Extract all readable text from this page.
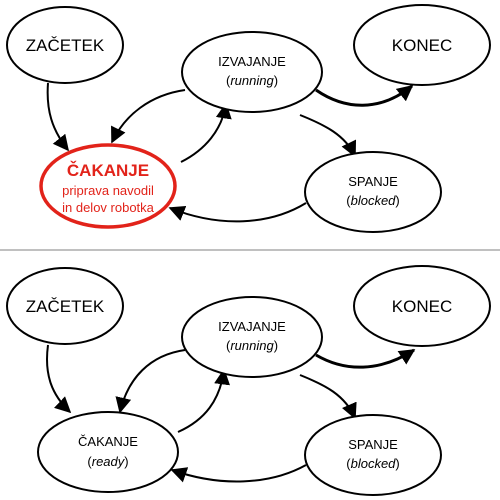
ZAČETEK
IZVAJANJE
(running)
KONEC
ČAKANJE
priprava navodil
in delov robotka
SPANJE
(blocked)
ZAČETEK
IZVAJANJE
(running)
KONEC
ČAKANJE
(ready)
SPANJE
(blocked)
